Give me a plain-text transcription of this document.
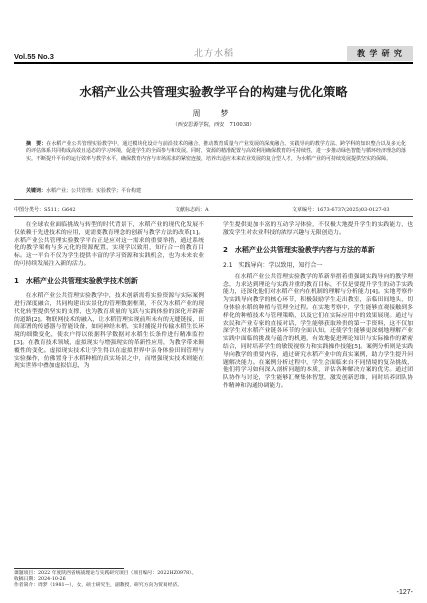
Vol.55 No.3	北方水稻	教 学 研 究
水稻产业公共管理实验教学平台的构建与优化策略
周　梦
（西安思源学院，西安　710038）
摘　要：在水稻产业公共管理实验教学中，通过模块化设计与前沿技术的融合，推动教育质量与产业发展的深度融合。实践导向的教学方法、跨学科的知识整合以及多元化的评估体系共同构成高效且适态的学习环境，促进学生的全面参与和发展。同时，资源的精准配置与高效利用确保教育的可持续性，进一步推动绿色智能与循环经济理念的落实。不断提升平台的运行效率与教学水平，确保教育内容与市场需求的紧密连接，培养出适应未来农业发展的复合型人才，为水稻产业的可持续发展提供坚实的保障。
关键词：水稻产业；公共管理；实验教学；平台构建
中图分类号：S511；G642	文献标志码：A	文章编号：1673-6737(2025)03-0127-03

在全球农业面临挑战与转型的时代背景下，水稻产业的现代化发展不仅依赖于先进技术的应用，更需要教育理念的创新与教学方法的改革[1]。水稻产业公共管理实验教学平台正是应对这一需求的重要举措，通过系统化的教学架构与多元化的资源配置，实现学以致用，知行合一的教育目标。这一平台不仅为学生提供丰富的学习资源和实践机会，也为未来农业的可持续发展注入新的活力。

1　水稻产业公共管理实验教学技术创新

在水稻产业公共管理实验教学中，技术创新需将实验资源与实际案例进行深度融合，共同构建出实景化的管理数据框架，不仅为水稻产业的现代化转型提供坚实的支撑，也为教育质量的飞跃与实践体验的深化开辟新的道路[2]。物联网技术的融入，让水稻管理实现前所未有的无缝链接，田间部署的传感器与智能设备，如同神经末梢，实时捕捉并传输水稻生长环境的细微变化，使农户得以依据科学数据对水稻生长条件进行精准监控[3]。在教育技术领域，虚拟现实与增强现实的革新性应用，为教学带来颠覆性的变化。虚拟现实技术让学生得以在虚拟世界中亲身体验田间管理与实验操作，仿佛置身于水稻种植的真实场景之中，而增强现实技术则能在现实世界中叠加虚拟信息，为

学生提供更加丰富的互动学习体验，不仅极大地提升学生的实践能力，也激发学生对农业科技的浓厚兴趣与无限创造力。

2　水稻产业公共管理实验教学内容与方法的革新
2.1　实践导向：学以致用，知行合一

在水稻产业公共管理实验教学的革新举措着重强调实践导向的教学理念，力求达到理论与实践并重的教育目标，不仅是要提升学生的动手实践能力，还深化他们对水稻产业内在机制的理解与分析能力[4]。实地考察作为实践导向教学的核心环节，积极鼓励学生走出教室，亲临田间地头，切身体验水稻的种植与管理全过程。在实地考察中，学生能够直观接触到多样化的种植技术与管理策略，以及它们在实际应用中的效果展现。通过与农民和产业专家的直接对话，学生能够获取珍贵的第一手资料，这不仅加深学生对水稻产业链各环节的全面认知，还使学生能够更深刻地理解产业实践中面临的挑战与蕴含的机遇，有效地促进理论知识与实际操作的紧密结合，同时培养学生的敏锐视察力和实践操作技能[5]。案例分析则是实践导向教学的重要内容，通过研究水稻产业中的真实案例，助力学生提升问题解决能力。在案例分析过程中，学生会面临来自不同情境的复杂挑战，他们将学习如何深入剖析问题的本质，评估各种解决方案的优劣。通过团队协作与讨论，学生能够汇聚集体智慧，激发创新思维，同时培养团队协作精神和沟通协调能力。

课题项目：2022 年度陕西省统战理论与实践研究项目（项目编号：2022HZ0978）。
收稿日期：2024-10-26
作者简介：周梦（1981—），女，硕士研究生，副教授，研究方向为贸易经济。
-127-
